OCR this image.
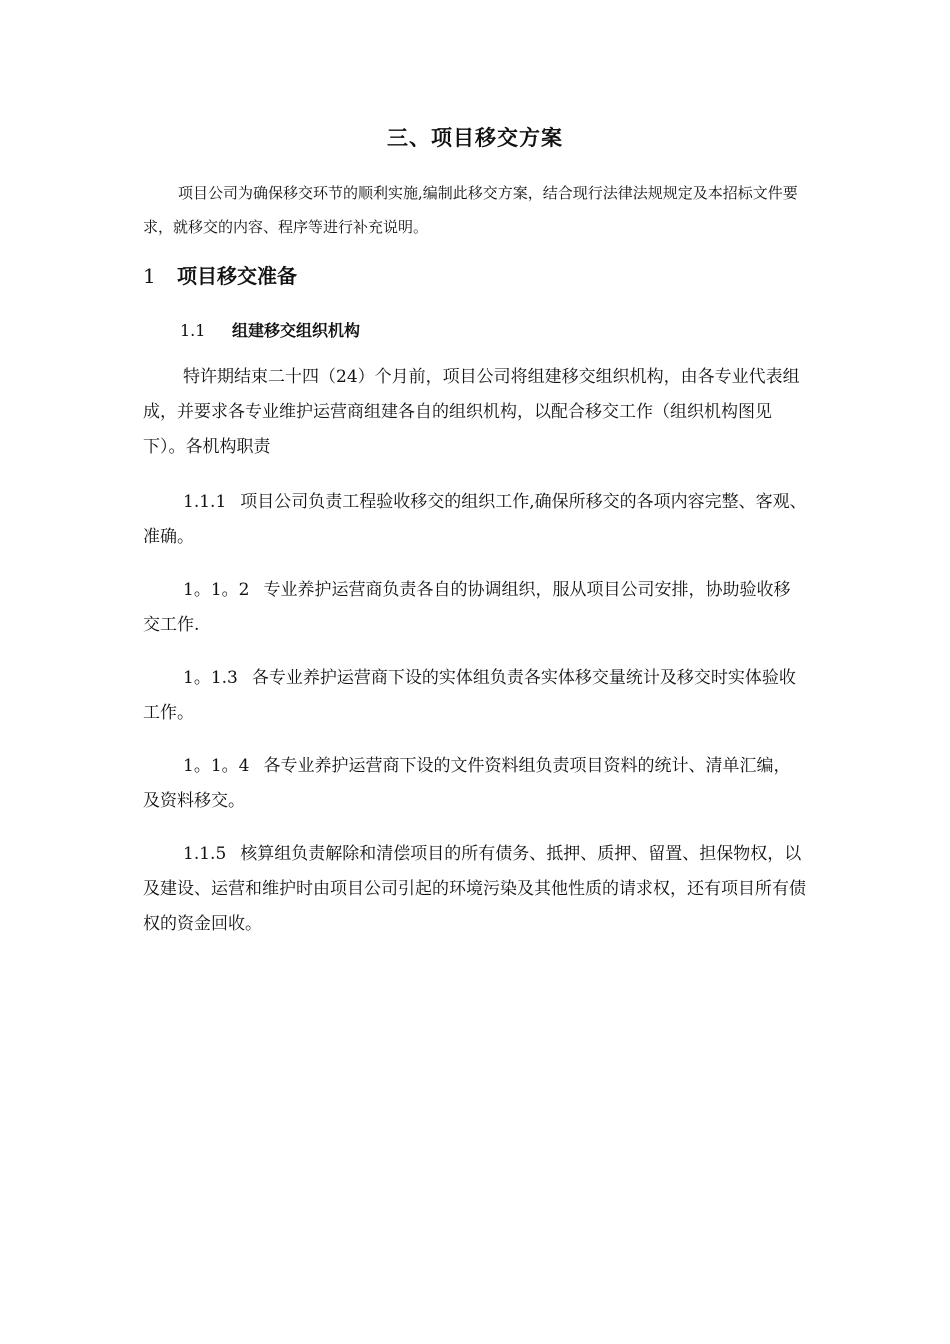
三、项目移交方案

项目公司为确保移交环节的顺利实施,编制此移交方案，结合现行法律法规规定及本招标文件要求，就移交的内容、程序等进行补充说明。

1 项目移交准备
1.1 组建移交组织机构

特许期结束二十四（24）个月前，项目公司将组建移交组织机构，由各专业代表组成，并要求各专业维护运营商组建各自的组织机构，以配合移交工作（组织机构图见下）。各机构职责

1.1.1 项目公司负责工程验收移交的组织工作,确保所移交的各项内容完整、客观、准确。

1。1。2 专业养护运营商负责各自的协调组织，服从项目公司安排，协助验收移交工作.

1。1.3 各专业养护运营商下设的实体组负责各实体移交量统计及移交时实体验收工作。

1。1。4 各专业养护运营商下设的文件资料组负责项目资料的统计、清单汇编，及资料移交。

1.1.5 核算组负责解除和清偿项目的所有债务、抵押、质押、留置、担保物权，以及建设、运营和维护时由项目公司引起的环境污染及其他性质的请求权，还有项目所有债权的资金回收。
